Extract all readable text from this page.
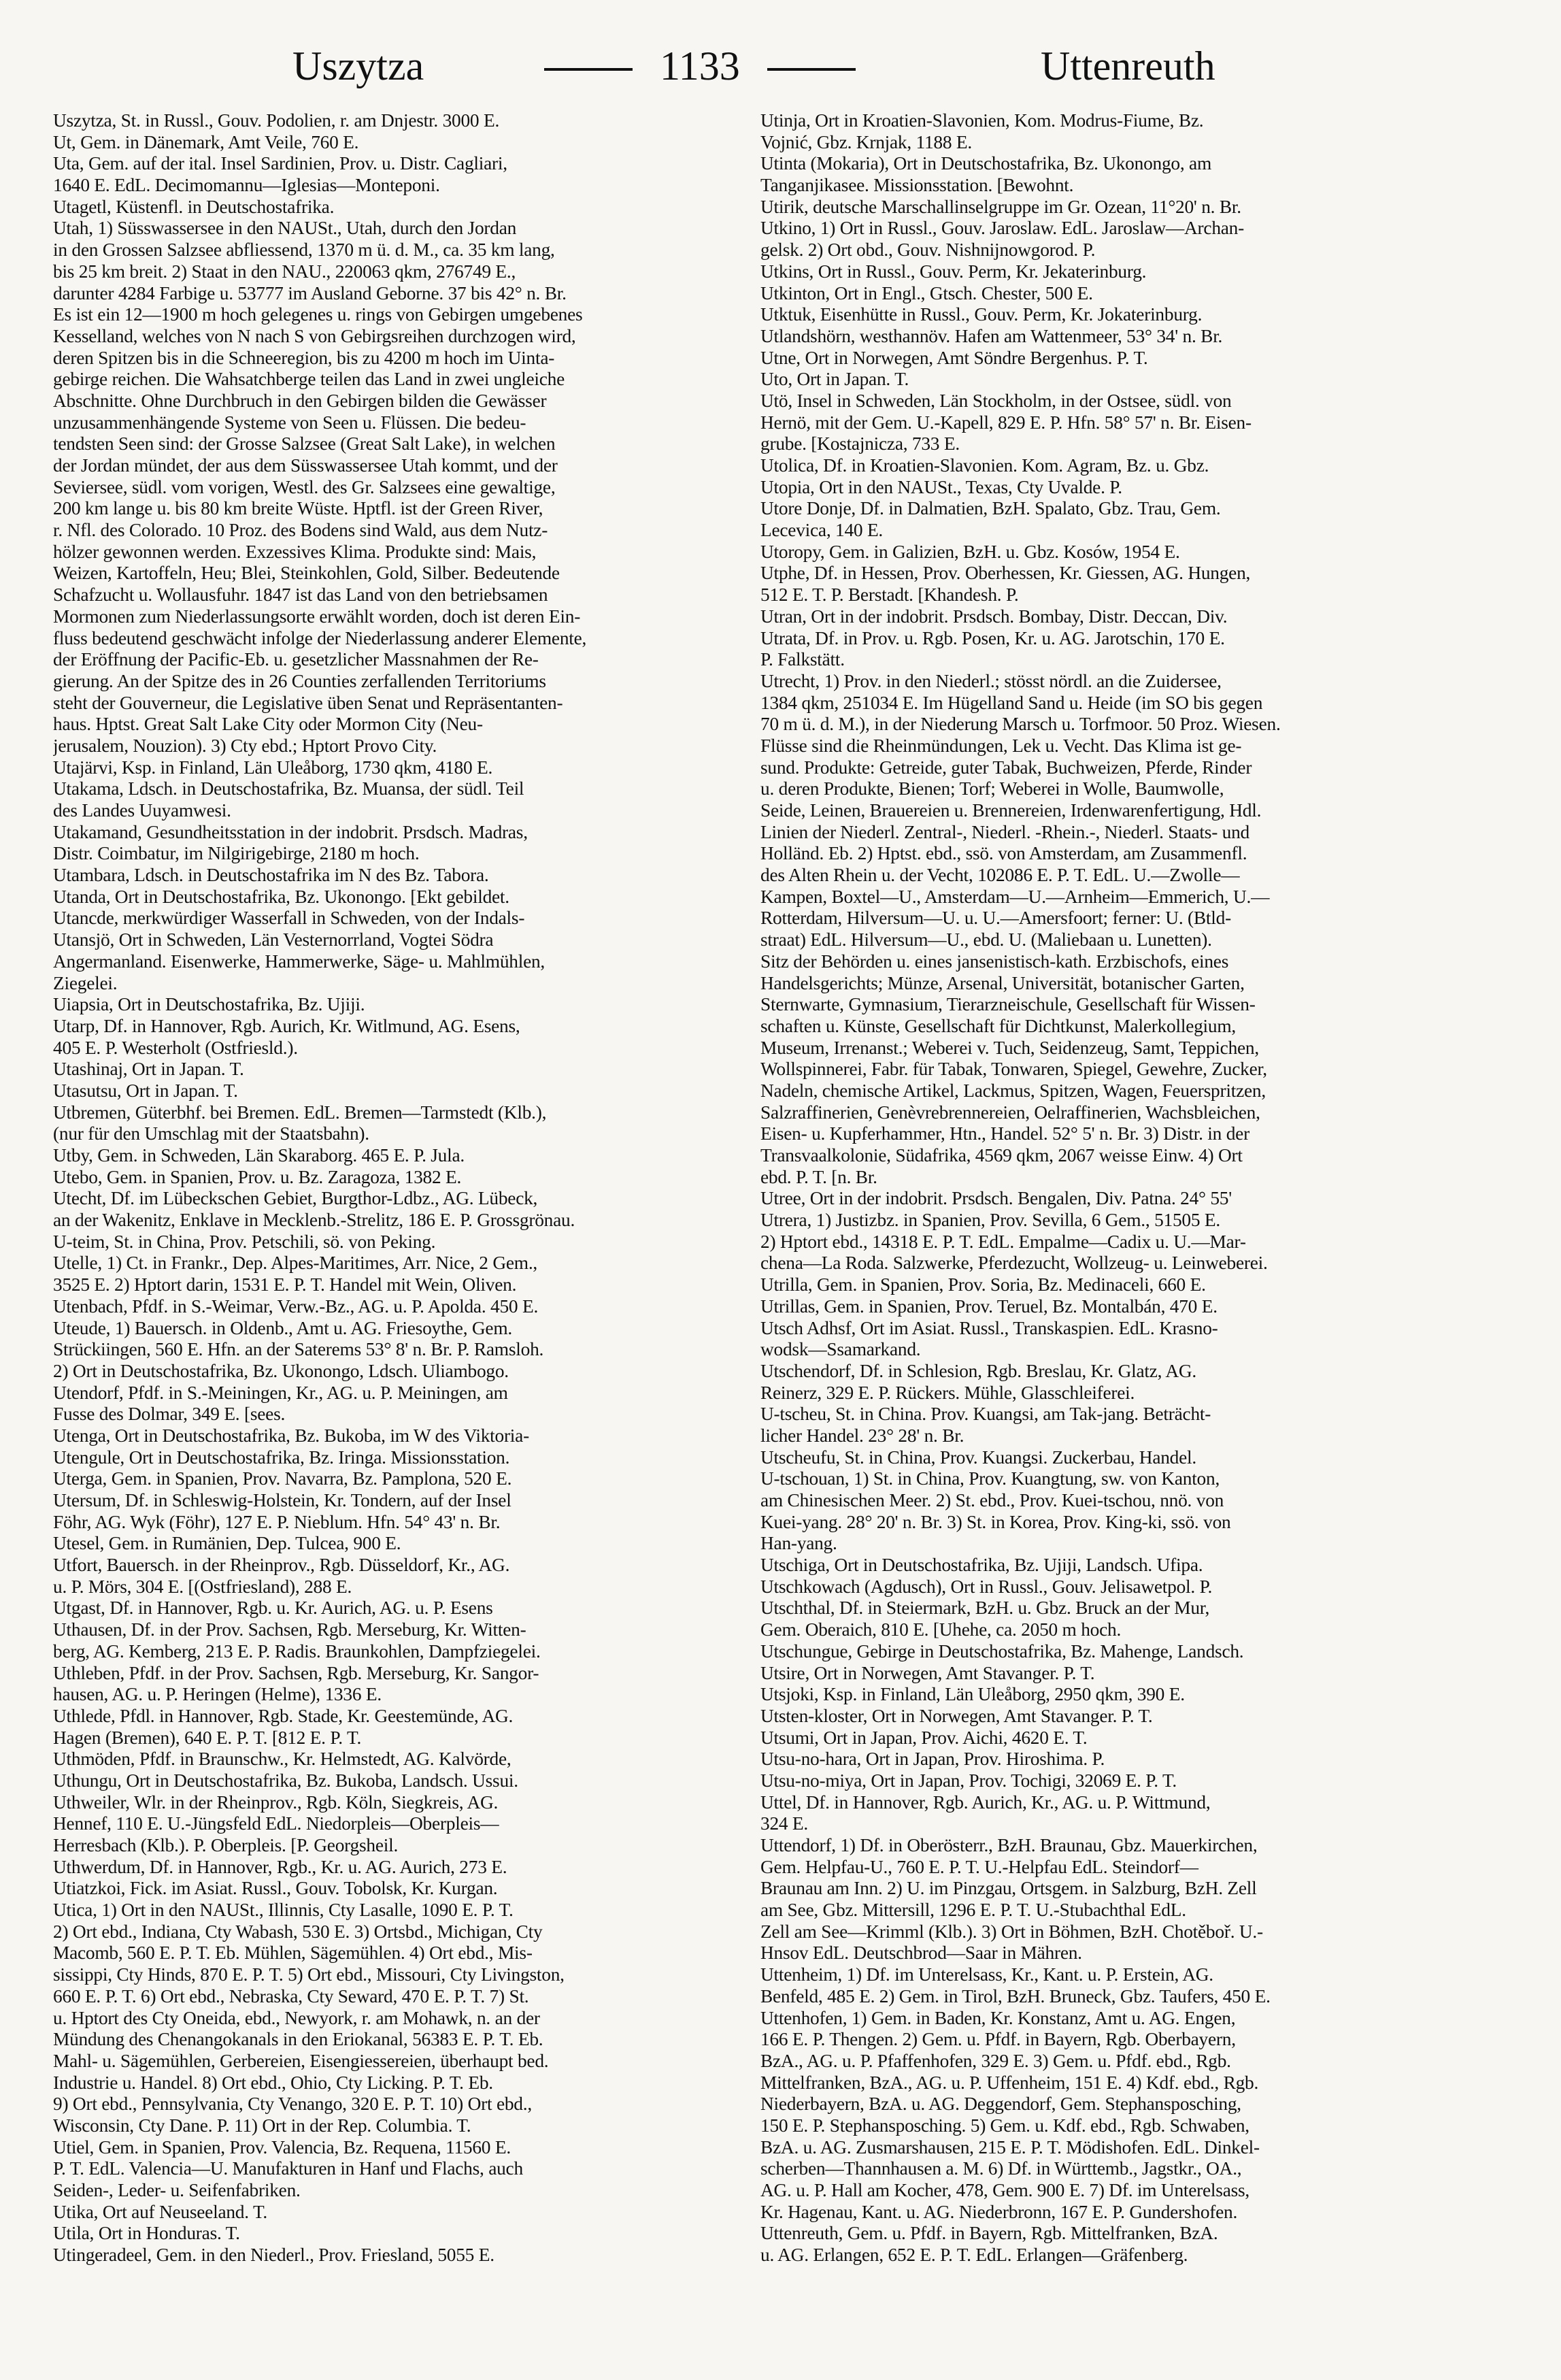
Uszytza	1133	Uttenreuth
Uszytza, St. in Russl., Gouv. Podolien, r. am Dnjestr. 3000 E.
Ut, Gem. in Dänemark, Amt Veile, 760 E.
Uta, Gem. auf der ital. Insel Sardinien, Prov. u. Distr. Cagliari,
1640 E. EdL. Decimomannu—Iglesias—Monteponi.
Utagetl, Küstenfl. in Deutschostafrika.
Utah, 1) Süsswassersee in den NAUSt., Utah, durch den Jordan
in den Grossen Salzsee abfliessend, 1370 m ü. d. M., ca. 35 km lang,
bis 25 km breit. 2) Staat in den NAU., 220063 qkm, 276749 E.,
darunter 4284 Farbige u. 53777 im Ausland Geborne. 37 bis 42° n. Br.
Es ist ein 12—1900 m hoch gelegenes u. rings von Gebirgen umgebenes
Kesselland, welches von N nach S von Gebirgsreihen durchzogen wird,
deren Spitzen bis in die Schneeregion, bis zu 4200 m hoch im Uinta-
gebirge reichen. Die Wahsatchberge teilen das Land in zwei ungleiche
Abschnitte. Ohne Durchbruch in den Gebirgen bilden die Gewässer
unzusammenhängende Systeme von Seen u. Flüssen. Die bedeu-
tendsten Seen sind: der Grosse Salzsee (Great Salt Lake), in welchen
der Jordan mündet, der aus dem Süsswassersee Utah kommt, und der
Seviersee, südl. vom vorigen, Westl. des Gr. Salzsees eine gewaltige,
200 km lange u. bis 80 km breite Wüste. Hptfl. ist der Green River,
r. Nfl. des Colorado. 10 Proz. des Bodens sind Wald, aus dem Nutz-
hölzer gewonnen werden. Exzessives Klima. Produkte sind: Mais,
Weizen, Kartoffeln, Heu; Blei, Steinkohlen, Gold, Silber. Bedeutende
Schafzucht u. Wollausfuhr. 1847 ist das Land von den betriebsamen
Mormonen zum Niederlassungsorte erwählt worden, doch ist deren Ein-
fluss bedeutend geschwächt infolge der Niederlassung anderer Elemente,
der Eröffnung der Pacific-Eb. u. gesetzlicher Massnahmen der Re-
gierung. An der Spitze des in 26 Counties zerfallenden Territoriums
steht der Gouverneur, die Legislative üben Senat und Repräsentanten-
haus. Hptst. Great Salt Lake City oder Mormon City (Neu-
jerusalem, Nouzion). 3) Cty ebd.; Hptort Provo City.
Utajärvi, Ksp. in Finland, Län Uleåborg, 1730 qkm, 4180 E.
Utakama, Ldsch. in Deutschostafrika, Bz. Muansa, der südl. Teil
des Landes Uuyamwesi.
Utakamand, Gesundheitsstation in der indobrit. Prsdsch. Madras,
Distr. Coimbatur, im Nilgirigebirge, 2180 m hoch.
Utambara, Ldsch. in Deutschostafrika im N des Bz. Tabora.
Utanda, Ort in Deutschostafrika, Bz. Ukonongo. [Ekt gebildet.
Utancde, merkwürdiger Wasserfall in Schweden, von der Indals-
Utansjö, Ort in Schweden, Län Vesternorrland, Vogtei Södra
Angermanland. Eisenwerke, Hammerwerke, Säge- u. Mahlmühlen,
Ziegelei.
Uiapsia, Ort in Deutschostafrika, Bz. Ujiji.
Utarp, Df. in Hannover, Rgb. Aurich, Kr. Witlmund, AG. Esens,
405 E. P. Westerholt (Ostfriesld.).
Utashinaj, Ort in Japan. T.
Utasutsu, Ort in Japan. T.
Utbremen, Güterbhf. bei Bremen. EdL. Bremen—Tarmstedt (Klb.),
(nur für den Umschlag mit der Staatsbahn).
Utby, Gem. in Schweden, Län Skaraborg. 465 E. P. Jula.
Utebo, Gem. in Spanien, Prov. u. Bz. Zaragoza, 1382 E.
Utecht, Df. im Lübeckschen Gebiet, Burgthor-Ldbz., AG. Lübeck,
an der Wakenitz, Enklave in Mecklenb.-Strelitz, 186 E. P. Grossgrönau.
U-teim, St. in China, Prov. Petschili, sö. von Peking.
Utelle, 1) Ct. in Frankr., Dep. Alpes-Maritimes, Arr. Nice, 2 Gem.,
3525 E. 2) Hptort darin, 1531 E. P. T. Handel mit Wein, Oliven.
Utenbach, Pfdf. in S.-Weimar, Verw.-Bz., AG. u. P. Apolda. 450 E.
Uteude, 1) Bauersch. in Oldenb., Amt u. AG. Friesoythe, Gem.
Strückiingen, 560 E. Hfn. an der Saterems 53° 8' n. Br. P. Ramsloh.
2) Ort in Deutschostafrika, Bz. Ukonongo, Ldsch. Uliambogo.
Utendorf, Pfdf. in S.-Meiningen, Kr., AG. u. P. Meiningen, am
Fusse des Dolmar, 349 E. [sees.
Utenga, Ort in Deutschostafrika, Bz. Bukoba, im W des Viktoria-
Utengule, Ort in Deutschostafrika, Bz. Iringa. Missionsstation.
Uterga, Gem. in Spanien, Prov. Navarra, Bz. Pamplona, 520 E.
Utersum, Df. in Schleswig-Holstein, Kr. Tondern, auf der Insel
Föhr, AG. Wyk (Föhr), 127 E. P. Nieblum. Hfn. 54° 43' n. Br.
Utesel, Gem. in Rumänien, Dep. Tulcea, 900 E.
Utfort, Bauersch. in der Rheinprov., Rgb. Düsseldorf, Kr., AG.
u. P. Mörs, 304 E. [(Ostfriesland), 288 E.
Utgast, Df. in Hannover, Rgb. u. Kr. Aurich, AG. u. P. Esens
Uthausen, Df. in der Prov. Sachsen, Rgb. Merseburg, Kr. Witten-
berg, AG. Kemberg, 213 E. P. Radis. Braunkohlen, Dampfziegelei.
Uthleben, Pfdf. in der Prov. Sachsen, Rgb. Merseburg, Kr. Sangor-
hausen, AG. u. P. Heringen (Helme), 1336 E.
Uthlede, Pfdl. in Hannover, Rgb. Stade, Kr. Geestemünde, AG.
Hagen (Bremen), 640 E. P. T. [812 E. P. T.
Uthmöden, Pfdf. in Braunschw., Kr. Helmstedt, AG. Kalvörde,
Uthungu, Ort in Deutschostafrika, Bz. Bukoba, Landsch. Ussui.
Uthweiler, Wlr. in der Rheinprov., Rgb. Köln, Siegkreis, AG.
Hennef, 110 E. U.-Jüngsfeld EdL. Niedorpleis—Oberpleis—
Herresbach (Klb.). P. Oberpleis. [P. Georgsheil.
Uthwerdum, Df. in Hannover, Rgb., Kr. u. AG. Aurich, 273 E.
Utiatzkoi, Fick. im Asiat. Russl., Gouv. Tobolsk, Kr. Kurgan.
Utica, 1) Ort in den NAUSt., Illinnis, Cty Lasalle, 1090 E. P. T.
2) Ort ebd., Indiana, Cty Wabash, 530 E. 3) Ortsbd., Michigan, Cty
Macomb, 560 E. P. T. Eb. Mühlen, Sägemühlen. 4) Ort ebd., Mis-
sissippi, Cty Hinds, 870 E. P. T. 5) Ort ebd., Missouri, Cty Livingston,
660 E. P. T. 6) Ort ebd., Nebraska, Cty Seward, 470 E. P. T. 7) St.
u. Hptort des Cty Oneida, ebd., Newyork, r. am Mohawk, n. an der
Mündung des Chenangokanals in den Eriokanal, 56383 E. P. T. Eb.
Mahl- u. Sägemühlen, Gerbereien, Eisengiessereien, überhaupt bed.
Industrie u. Handel. 8) Ort ebd., Ohio, Cty Licking. P. T. Eb.
9) Ort ebd., Pennsylvania, Cty Venango, 320 E. P. T. 10) Ort ebd.,
Wisconsin, Cty Dane. P. 11) Ort in der Rep. Columbia. T.
Utiel, Gem. in Spanien, Prov. Valencia, Bz. Requena, 11560 E.
P. T. EdL. Valencia—U. Manufakturen in Hanf und Flachs, auch
Seiden-, Leder- u. Seifenfabriken.
Utika, Ort auf Neuseeland. T.
Utila, Ort in Honduras. T.
Utingeradeel, Gem. in den Niederl., Prov. Friesland, 5055 E.
Utinja, Ort in Kroatien-Slavonien, Kom. Modrus-Fiume, Bz.
Vojnić, Gbz. Krnjak, 1188 E.
Utinta (Mokaria), Ort in Deutschostafrika, Bz. Ukonongo, am
Tanganjikasee. Missionsstation. [Bewohnt.
Utirik, deutsche Marschallinselgruppe im Gr. Ozean, 11°20' n. Br.
Utkino, 1) Ort in Russl., Gouv. Jaroslaw. EdL. Jaroslaw—Archan-
gelsk. 2) Ort obd., Gouv. Nishnijnowgorod. P.
Utkins, Ort in Russl., Gouv. Perm, Kr. Jekaterinburg.
Utkinton, Ort in Engl., Gtsch. Chester, 500 E.
Utktuk, Eisenhütte in Russl., Gouv. Perm, Kr. Jokaterinburg.
Utlandshörn, westhannöv. Hafen am Wattenmeer, 53° 34' n. Br.
Utne, Ort in Norwegen, Amt Söndre Bergenhus. P. T.
Uto, Ort in Japan. T.
Utö, Insel in Schweden, Län Stockholm, in der Ostsee, südl. von
Hernö, mit der Gem. U.-Kapell, 829 E. P. Hfn. 58° 57' n. Br. Eisen-
grube. [Kostajnicza, 733 E.
Utolica, Df. in Kroatien-Slavonien. Kom. Agram, Bz. u. Gbz.
Utopia, Ort in den NAUSt., Texas, Cty Uvalde. P.
Utore Donje, Df. in Dalmatien, BzH. Spalato, Gbz. Trau, Gem.
Lecevica, 140 E.
Utoropy, Gem. in Galizien, BzH. u. Gbz. Kosów, 1954 E.
Utphe, Df. in Hessen, Prov. Oberhessen, Kr. Giessen, AG. Hungen,
512 E. T. P. Berstadt. [Khandesh. P.
Utran, Ort in der indobrit. Prsdsch. Bombay, Distr. Deccan, Div.
Utrata, Df. in Prov. u. Rgb. Posen, Kr. u. AG. Jarotschin, 170 E.
P. Falkstätt.
Utrecht, 1) Prov. in den Niederl.; stösst nördl. an die Zuidersee,
1384 qkm, 251034 E. Im Hügelland Sand u. Heide (im SO bis gegen
70 m ü. d. M.), in der Niederung Marsch u. Torfmoor. 50 Proz. Wiesen.
Flüsse sind die Rheinmündungen, Lek u. Vecht. Das Klima ist ge-
sund. Produkte: Getreide, guter Tabak, Buchweizen, Pferde, Rinder
u. deren Produkte, Bienen; Torf; Weberei in Wolle, Baumwolle,
Seide, Leinen, Brauereien u. Brennereien, Irdenwarenfertigung, Hdl.
Linien der Niederl. Zentral-, Niederl. -Rhein.-, Niederl. Staats- und
Holländ. Eb. 2) Hptst. ebd., ssö. von Amsterdam, am Zusammenfl.
des Alten Rhein u. der Vecht, 102086 E. P. T. EdL. U.—Zwolle—
Kampen, Boxtel—U., Amsterdam—U.—Arnheim—Emmerich, U.—
Rotterdam, Hilversum—U. u. U.—Amersfoort; ferner: U. (Btld-
straat) EdL. Hilversum—U., ebd. U. (Maliebaan u. Lunetten).
Sitz der Behörden u. eines jansenistisch-kath. Erzbischofs, eines
Handelsgerichts; Münze, Arsenal, Universität, botanischer Garten,
Sternwarte, Gymnasium, Tierarzneischule, Gesellschaft für Wissen-
schaften u. Künste, Gesellschaft für Dichtkunst, Malerkollegium,
Museum, Irrenanst.; Weberei v. Tuch, Seidenzeug, Samt, Teppichen,
Wollspinnerei, Fabr. für Tabak, Tonwaren, Spiegel, Gewehre, Zucker,
Nadeln, chemische Artikel, Lackmus, Spitzen, Wagen, Feuerspritzen,
Salzraffinerien, Genèvrebrennereien, Oelraffinerien, Wachsbleichen,
Eisen- u. Kupferhammer, Htn., Handel. 52° 5' n. Br. 3) Distr. in der
Transvaalkolonie, Südafrika, 4569 qkm, 2067 weisse Einw. 4) Ort
ebd. P. T. [n. Br.
Utree, Ort in der indobrit. Prsdsch. Bengalen, Div. Patna. 24° 55'
Utrera, 1) Justizbz. in Spanien, Prov. Sevilla, 6 Gem., 51505 E.
2) Hptort ebd., 14318 E. P. T. EdL. Empalme—Cadix u. U.—Mar-
chena—La Roda. Salzwerke, Pferdezucht, Wollzeug- u. Leinweberei.
Utrilla, Gem. in Spanien, Prov. Soria, Bz. Medinaceli, 660 E.
Utrillas, Gem. in Spanien, Prov. Teruel, Bz. Montalbán, 470 E.
Utsch Adhsf, Ort im Asiat. Russl., Transkaspien. EdL. Krasno-
wodsk—Ssamarkand.
Utschendorf, Df. in Schlesion, Rgb. Breslau, Kr. Glatz, AG.
Reinerz, 329 E. P. Rückers. Mühle, Glasschleiferei.
U-tscheu, St. in China. Prov. Kuangsi, am Tak-jang. Beträcht-
licher Handel. 23° 28' n. Br.
Utscheufu, St. in China, Prov. Kuangsi. Zuckerbau, Handel.
U-tschouan, 1) St. in China, Prov. Kuangtung, sw. von Kanton,
am Chinesischen Meer. 2) St. ebd., Prov. Kuei-tschou, nnö. von
Kuei-yang. 28° 20' n. Br. 3) St. in Korea, Prov. King-ki, ssö. von
Han-yang.
Utschiga, Ort in Deutschostafrika, Bz. Ujiji, Landsch. Ufipa.
Utschkowach (Agdusch), Ort in Russl., Gouv. Jelisawetpol. P.
Utschthal, Df. in Steiermark, BzH. u. Gbz. Bruck an der Mur,
Gem. Oberaich, 810 E. [Uhehe, ca. 2050 m hoch.
Utschungue, Gebirge in Deutschostafrika, Bz. Mahenge, Landsch.
Utsire, Ort in Norwegen, Amt Stavanger. P. T.
Utsjoki, Ksp. in Finland, Län Uleåborg, 2950 qkm, 390 E.
Utsten-kloster, Ort in Norwegen, Amt Stavanger. P. T.
Utsumi, Ort in Japan, Prov. Aichi, 4620 E. T.
Utsu-no-hara, Ort in Japan, Prov. Hiroshima. P.
Utsu-no-miya, Ort in Japan, Prov. Tochigi, 32069 E. P. T.
Uttel, Df. in Hannover, Rgb. Aurich, Kr., AG. u. P. Wittmund,
324 E.
Uttendorf, 1) Df. in Oberösterr., BzH. Braunau, Gbz. Mauerkirchen,
Gem. Helpfau-U., 760 E. P. T. U.-Helpfau EdL. Steindorf—
Braunau am Inn. 2) U. im Pinzgau, Ortsgem. in Salzburg, BzH. Zell
am See, Gbz. Mittersill, 1296 E. P. T. U.-Stubachthal EdL.
Zell am See—Krimml (Klb.). 3) Ort in Böhmen, BzH. Chotěboř. U.-
Hnsov EdL. Deutschbrod—Saar in Mähren.
Uttenheim, 1) Df. im Unterelsass, Kr., Kant. u. P. Erstein, AG.
Benfeld, 485 E. 2) Gem. in Tirol, BzH. Bruneck, Gbz. Taufers, 450 E.
Uttenhofen, 1) Gem. in Baden, Kr. Konstanz, Amt u. AG. Engen,
166 E. P. Thengen. 2) Gem. u. Pfdf. in Bayern, Rgb. Oberbayern,
BzA., AG. u. P. Pfaffenhofen, 329 E. 3) Gem. u. Pfdf. ebd., Rgb.
Mittelfranken, BzA., AG. u. P. Uffenheim, 151 E. 4) Kdf. ebd., Rgb.
Niederbayern, BzA. u. AG. Deggendorf, Gem. Stephansposching,
150 E. P. Stephansposching. 5) Gem. u. Kdf. ebd., Rgb. Schwaben,
BzA. u. AG. Zusmarshausen, 215 E. P. T. Mödishofen. EdL. Dinkel-
scherben—Thannhausen a. M. 6) Df. in Württemb., Jagstkr., OA.,
AG. u. P. Hall am Kocher, 478, Gem. 900 E. 7) Df. im Unterelsass,
Kr. Hagenau, Kant. u. AG. Niederbronn, 167 E. P. Gundershofen.
Uttenreuth, Gem. u. Pfdf. in Bayern, Rgb. Mittelfranken, BzA.
u. AG. Erlangen, 652 E. P. T. EdL. Erlangen—Gräfenberg.
